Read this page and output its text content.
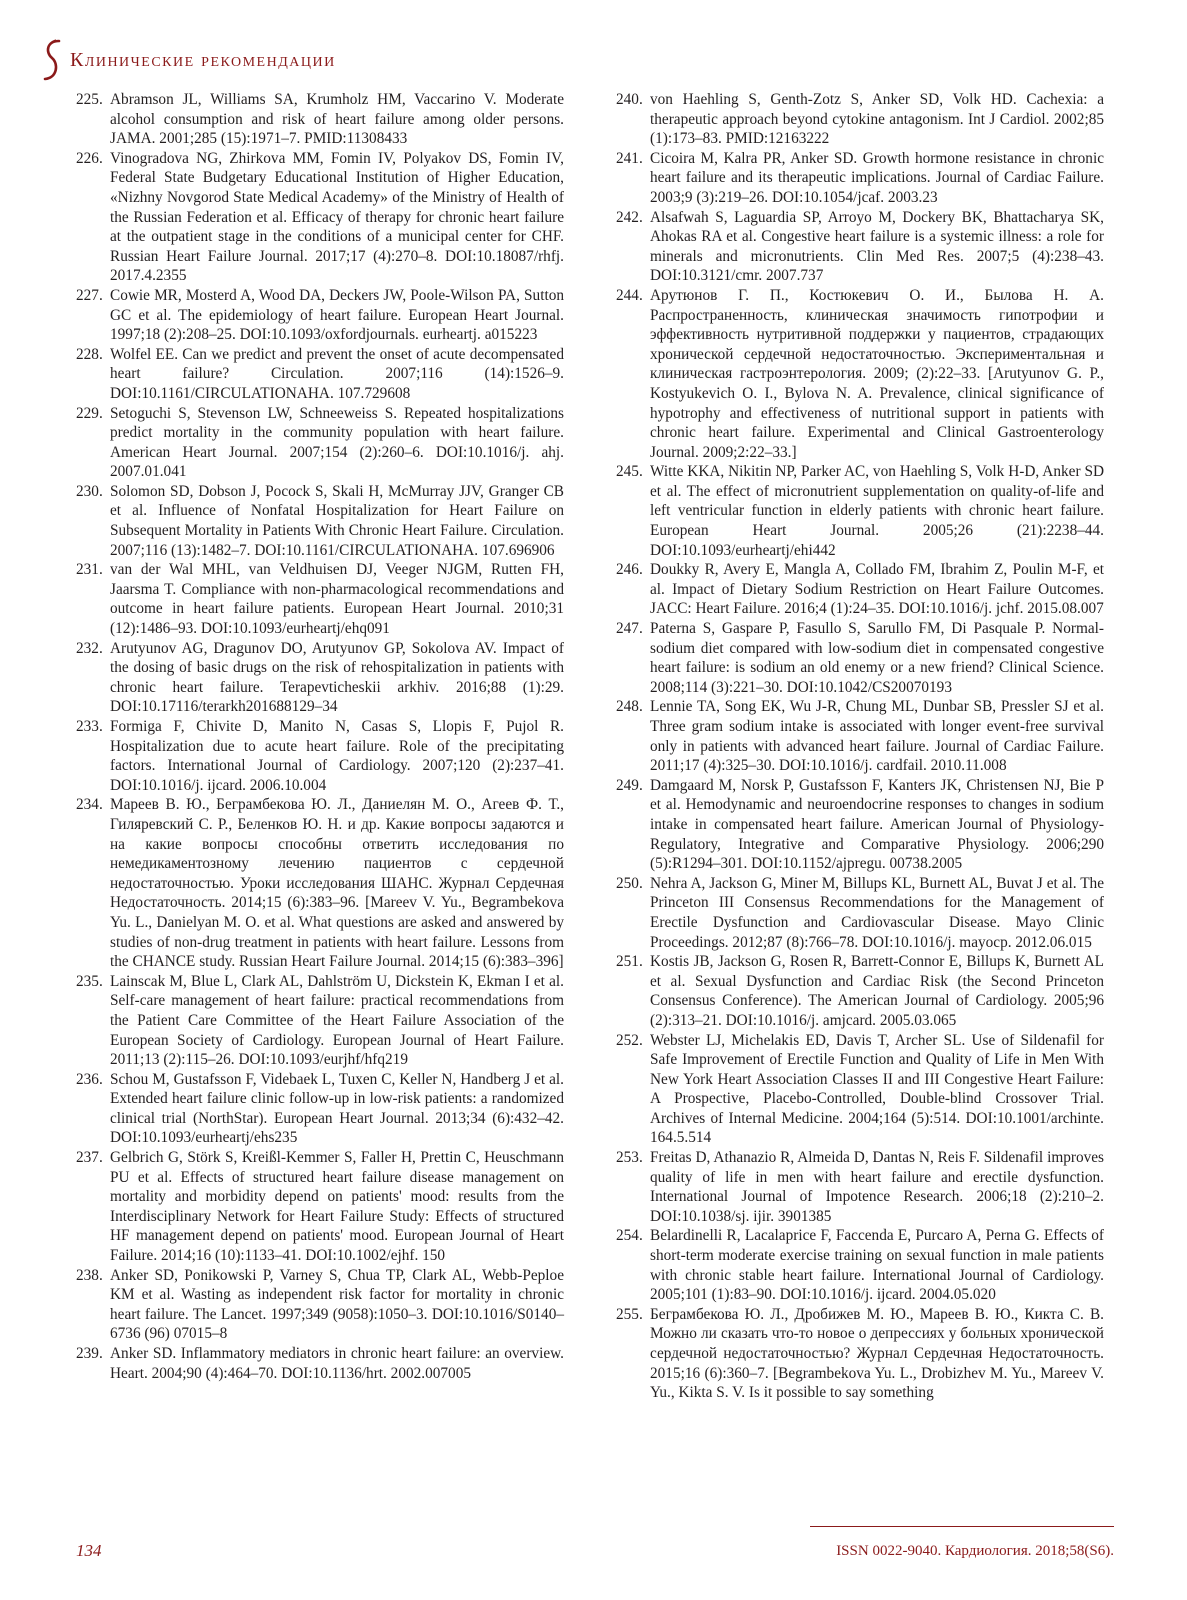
Клинические рекомендации

225. Abramson JL, Williams SA, Krumholz HM, Vaccarino V. Moderate alcohol consumption and risk of heart failure among older persons. JAMA. 2001;285 (15):1971–7. PMID:11308433

226. Vinogradova NG, Zhirkova MM, Fomin IV, Polyakov DS, Fomin IV, Federal State Budgetary Educational Institution of Higher Education, «Nizhny Novgorod State Medical Academy» of the Ministry of Health of the Russian Federation et al. Efficacy of therapy for chronic heart failure at the outpatient stage in the conditions of a municipal center for CHF. Russian Heart Failure Journal. 2017;17 (4):270–8. DOI:10.18087/rhfj. 2017.4.2355

227. Cowie MR, Mosterd A, Wood DA, Deckers JW, Poole-Wilson PA, Sutton GC et al. The epidemiology of heart failure. European Heart Journal. 1997;18 (2):208–25. DOI:10.1093/oxfordjournals. eurheartj. a015223

228. Wolfel EE. Can we predict and prevent the onset of acute decompensated heart failure? Circulation. 2007;116 (14):1526–9. DOI:10.1161/CIRCULATIONAHA. 107.729608

229. Setoguchi S, Stevenson LW, Schneeweiss S. Repeated hospitalizations predict mortality in the community population with heart failure. American Heart Journal. 2007;154 (2):260–6. DOI:10.1016/j. ahj. 2007.01.041

230. Solomon SD, Dobson J, Pocock S, Skali H, McMurray JJV, Granger CB et al. Influence of Nonfatal Hospitalization for Heart Failure on Subsequent Mortality in Patients With Chronic Heart Failure. Circulation. 2007;116 (13):1482–7. DOI:10.1161/CIRCULATIONAHA. 107.696906

231. van der Wal MHL, van Veldhuisen DJ, Veeger NJGM, Rutten FH, Jaarsma T. Compliance with non-pharmacological recommendations and outcome in heart failure patients. European Heart Journal. 2010;31 (12):1486–93. DOI:10.1093/eurheartj/ehq091

232. Arutyunov AG, Dragunov DO, Arutyunov GP, Sokolova AV. Impact of the dosing of basic drugs on the risk of rehospitalization in patients with chronic heart failure. Terapevticheskii arkhiv. 2016;88 (1):29. DOI:10.17116/terarkh201688129–34

233. Formiga F, Chivite D, Manito N, Casas S, Llopis F, Pujol R. Hospitalization due to acute heart failure. Role of the precipitating factors. International Journal of Cardiology. 2007;120 (2):237–41. DOI:10.1016/j. ijcard. 2006.10.004

234. Мареев В. Ю., Беграмбекова Ю. Л., Даниелян М. О., Агеев Ф. Т., Гиляревский С. Р., Беленков Ю. Н. и др. Какие вопросы задаются и на какие вопросы способны ответить исследования по немедикаментозному лечению пациентов с сердечной недостаточностью. Уроки исследования ШАНС. Журнал Сердечная Недостаточность. 2014;15 (6):383–96. [Mareev V. Yu., Begrambekova Yu. L., Danielyan M. O. et al. What questions are asked and answered by studies of non-drug treatment in patients with heart failure. Lessons from the CHANCE study. Russian Heart Failure Journal. 2014;15 (6):383–396]

235. Lainscak M, Blue L, Clark AL, Dahlström U, Dickstein K, Ekman I et al. Self-care management of heart failure: practical recommendations from the Patient Care Committee of the Heart Failure Association of the European Society of Cardiology. European Journal of Heart Failure. 2011;13 (2):115–26. DOI:10.1093/eurjhf/hfq219

236. Schou M, Gustafsson F, Videbaek L, Tuxen C, Keller N, Handberg J et al. Extended heart failure clinic follow-up in low-risk patients: a randomized clinical trial (NorthStar). European Heart Journal. 2013;34 (6):432–42. DOI:10.1093/eurheartj/ehs235

237. Gelbrich G, Störk S, Kreißl-Kemmer S, Faller H, Prettin C, Heuschmann PU et al. Effects of structured heart failure disease management on mortality and morbidity depend on patients' mood: results from the Interdisciplinary Network for Heart Failure Study: Effects of structured HF management depend on patients' mood. European Journal of Heart Failure. 2014;16 (10):1133–41. DOI:10.1002/ejhf. 150

238. Anker SD, Ponikowski P, Varney S, Chua TP, Clark AL, Webb-Peploe KM et al. Wasting as independent risk factor for mortality in chronic heart failure. The Lancet. 1997;349 (9058):1050–3. DOI:10.1016/S0140–6736 (96) 07015–8

239. Anker SD. Inflammatory mediators in chronic heart failure: an overview. Heart. 2004;90 (4):464–70. DOI:10.1136/hrt. 2002.007005

240. von Haehling S, Genth-Zotz S, Anker SD, Volk HD. Cachexia: a therapeutic approach beyond cytokine antagonism. Int J Cardiol. 2002;85 (1):173–83. PMID:12163222

241. Cicoira M, Kalra PR, Anker SD. Growth hormone resistance in chronic heart failure and its therapeutic implications. Journal of Cardiac Failure. 2003;9 (3):219–26. DOI:10.1054/jcaf. 2003.23

242. Alsafwah S, Laguardia SP, Arroyo M, Dockery BK, Bhattacharya SK, Ahokas RA et al. Congestive heart failure is a systemic illness: a role for minerals and micronutrients. Clin Med Res. 2007;5 (4):238–43. DOI:10.3121/cmr. 2007.737

244. Арутюнов Г. П., Костюкевич О. И., Былова Н. А. Распространенность, клиническая значимость гипотрофии и эффективность нутритивной поддержки у пациентов, страдающих хронической сердечной недостаточностью. Экспериментальная и клиническая гастроэнтерология. 2009; (2):22–33. [Arutyunov G. P., Kostyukevich O. I., Bylova N. A. Prevalence, clinical significance of hypotrophy and effectiveness of nutritional support in patients with chronic heart failure. Experimental and Clinical Gastroenterology Journal. 2009;2:22–33.]

245. Witte KKA, Nikitin NP, Parker AC, von Haehling S, Volk H-D, Anker SD et al. The effect of micronutrient supplementation on quality-of-life and left ventricular function in elderly patients with chronic heart failure. European Heart Journal. 2005;26 (21):2238–44. DOI:10.1093/eurheartj/ehi442

246. Doukky R, Avery E, Mangla A, Collado FM, Ibrahim Z, Poulin M-F, et al. Impact of Dietary Sodium Restriction on Heart Failure Outcomes. JACC: Heart Failure. 2016;4 (1):24–35. DOI:10.1016/j. jchf. 2015.08.007

247. Paterna S, Gaspare P, Fasullo S, Sarullo FM, Di Pasquale P. Normal-sodium diet compared with low-sodium diet in compensated congestive heart failure: is sodium an old enemy or a new friend? Clinical Science. 2008;114 (3):221–30. DOI:10.1042/CS20070193

248. Lennie TA, Song EK, Wu J-R, Chung ML, Dunbar SB, Pressler SJ et al. Three gram sodium intake is associated with longer event-free survival only in patients with advanced heart failure. Journal of Cardiac Failure. 2011;17 (4):325–30. DOI:10.1016/j. cardfail. 2010.11.008

249. Damgaard M, Norsk P, Gustafsson F, Kanters JK, Christensen NJ, Bie P et al. Hemodynamic and neuroendocrine responses to changes in sodium intake in compensated heart failure. American Journal of Physiology-Regulatory, Integrative and Comparative Physiology. 2006;290 (5):R1294–301. DOI:10.1152/ajpregu. 00738.2005

250. Nehra A, Jackson G, Miner M, Billups KL, Burnett AL, Buvat J et al. The Princeton III Consensus Recommendations for the Management of Erectile Dysfunction and Cardiovascular Disease. Mayo Clinic Proceedings. 2012;87 (8):766–78. DOI:10.1016/j. mayocp. 2012.06.015

251. Kostis JB, Jackson G, Rosen R, Barrett-Connor E, Billups K, Burnett AL et al. Sexual Dysfunction and Cardiac Risk (the Second Princeton Consensus Conference). The American Journal of Cardiology. 2005;96 (2):313–21. DOI:10.1016/j. amjcard. 2005.03.065

252. Webster LJ, Michelakis ED, Davis T, Archer SL. Use of Sildenafil for Safe Improvement of Erectile Function and Quality of Life in Men With New York Heart Association Classes II and III Congestive Heart Failure: A Prospective, Placebo-Controlled, Double-blind Crossover Trial. Archives of Internal Medicine. 2004;164 (5):514. DOI:10.1001/archinte. 164.5.514

253. Freitas D, Athanazio R, Almeida D, Dantas N, Reis F. Sildenafil improves quality of life in men with heart failure and erectile dysfunction. International Journal of Impotence Research. 2006;18 (2):210–2. DOI:10.1038/sj. ijir. 3901385

254. Belardinelli R, Lacalaprice F, Faccenda E, Purcaro A, Perna G. Effects of short-term moderate exercise training on sexual function in male patients with chronic stable heart failure. International Journal of Cardiology. 2005;101 (1):83–90. DOI:10.1016/j. ijcard. 2004.05.020

255. Беграмбекова Ю. Л., Дробижев М. Ю., Мареев В. Ю., Кикта С. В. Можно ли сказать что-то новое о депрессиях у больных хронической сердечной недостаточностью? Журнал Сердечная Недостаточность. 2015;16 (6):360–7. [Begrambekova Yu. L., Drobizhev M. Yu., Mareev V. Yu., Kikta S. V. Is it possible to say something

134	ISSN 0022-9040. Кардиология. 2018;58(S6).
